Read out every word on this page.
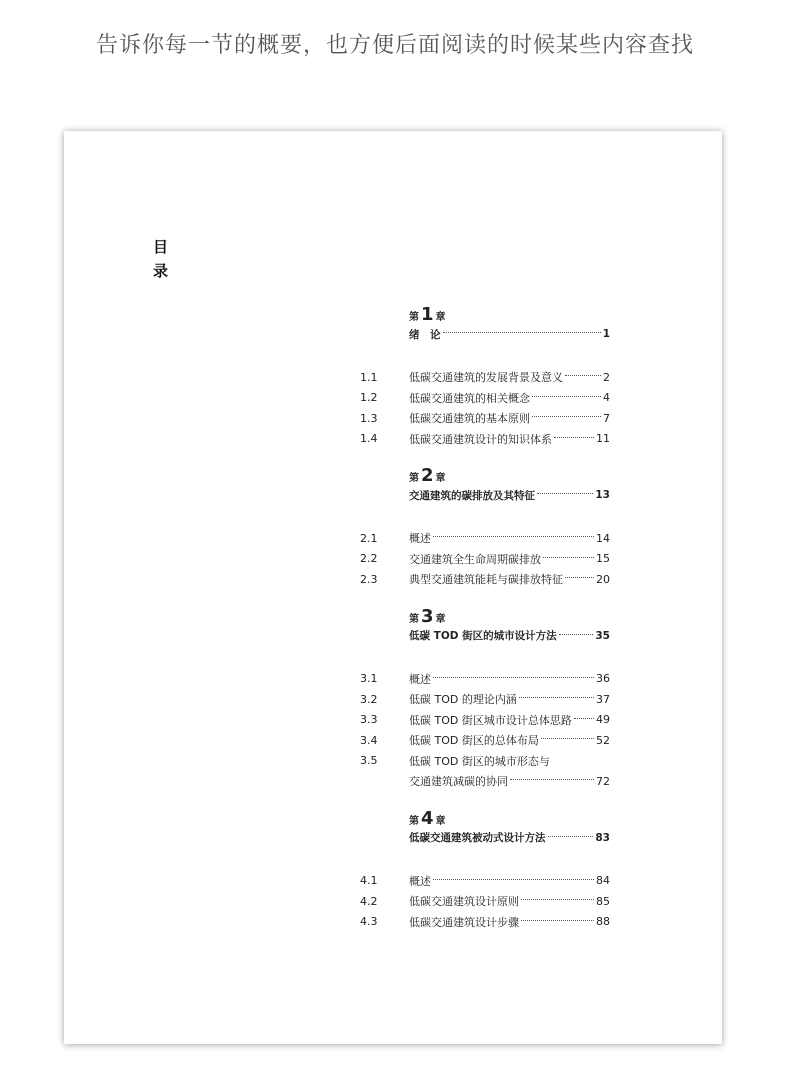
告诉你每一节的概要，也方便后面阅读的时候某些内容查找
目
录
第 1 章
绪　论	1
1.1	低碳交通建筑的发展背景及意义	2
1.2	低碳交通建筑的相关概念	4
1.3	低碳交通建筑的基本原则	7
1.4	低碳交通建筑设计的知识体系	11
第 2 章
交通建筑的碳排放及其特征	13
2.1	概述	14
2.2	交通建筑全生命周期碳排放	15
2.3	典型交通建筑能耗与碳排放特征	20
第 3 章
低碳 TOD 街区的城市设计方法	35
3.1	概述	36
3.2	低碳 TOD 的理论内涵	37
3.3	低碳 TOD 街区城市设计总体思路 49
3.4	低碳 TOD 街区的总体布局	52
3.5	低碳 TOD 街区的城市形态与
交通建筑减碳的协同	72
第 4 章
低碳交通建筑被动式设计方法	83
4.1	概述	84
4.2	低碳交通建筑设计原则	85
4.3	低碳交通建筑设计步骤	88
